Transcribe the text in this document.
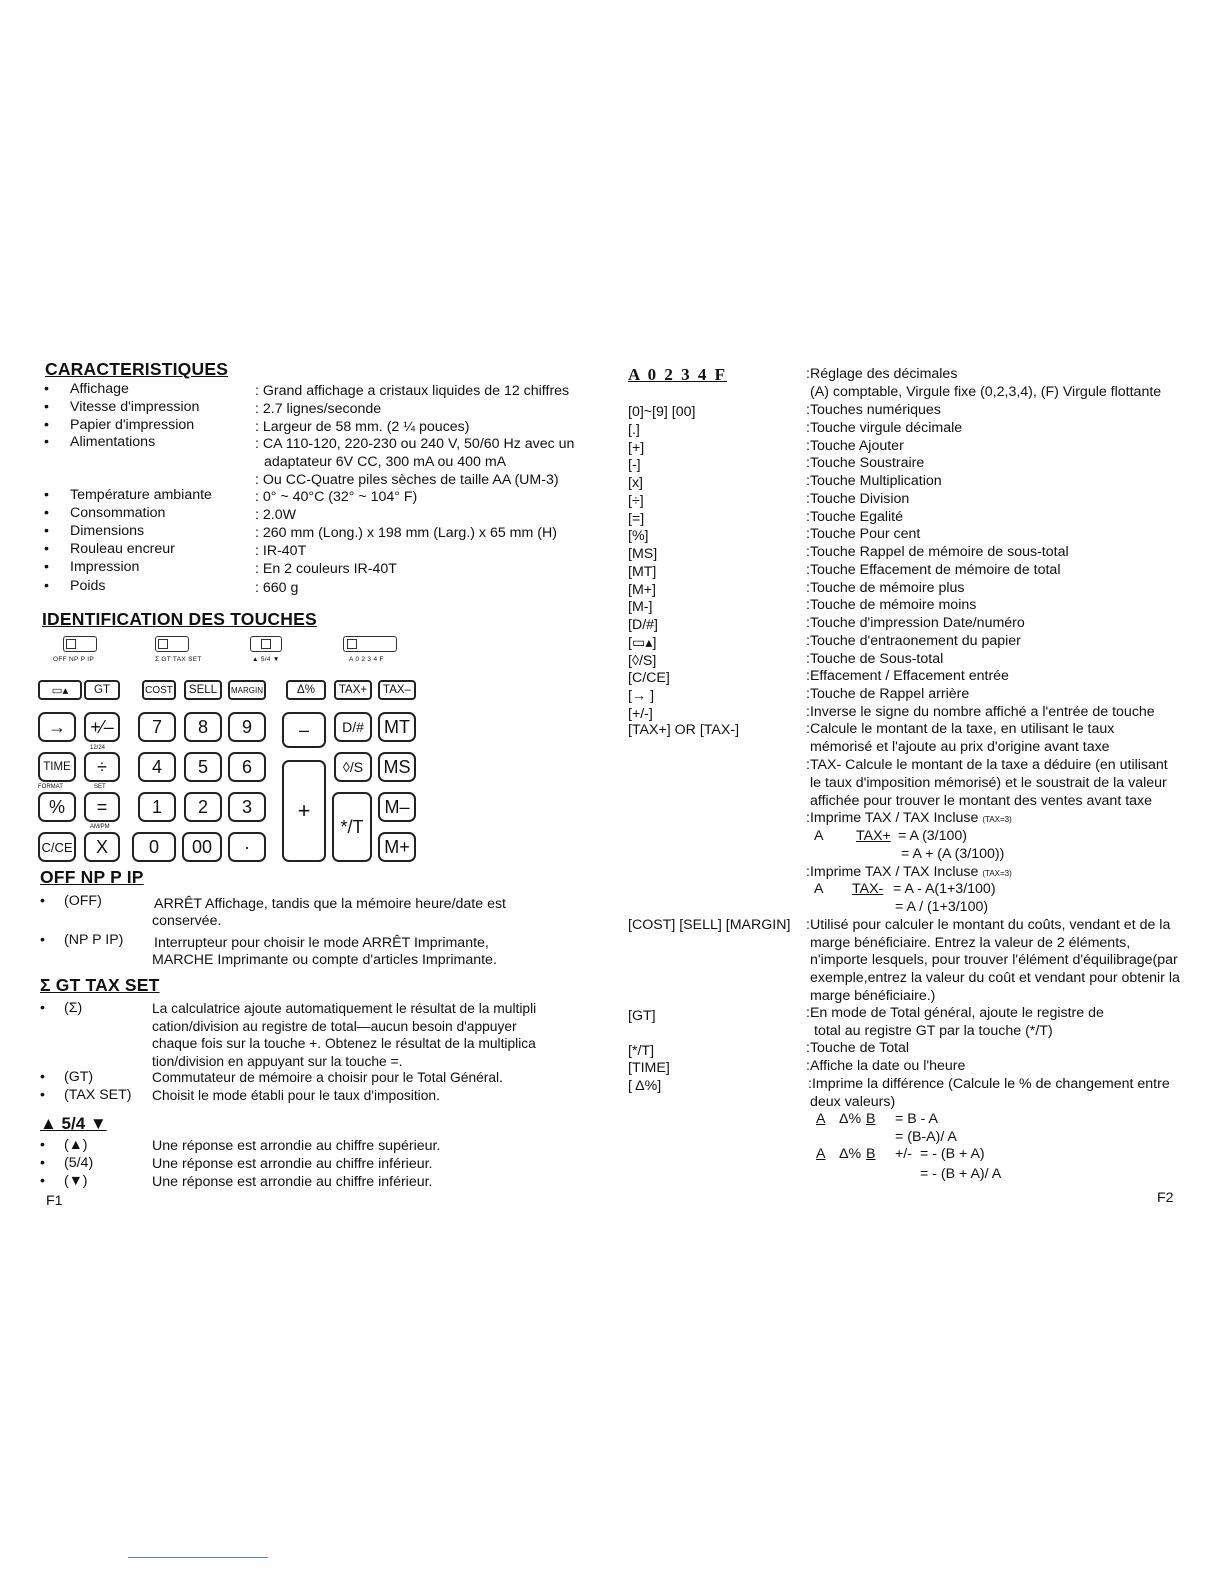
CARACTERISTIQUES
• Affichage	: Grand affichage a cristaux liquides de 12 chiffres
• Vitesse d'impression	: 2.7 lignes/seconde
• Papier d'impression	: Largeur de 58 mm. (2 ¼ pouces)
• Alimentations	: CA 110-120, 220-230 ou 240 V, 50/60 Hz avec un
adaptateur 6V CC, 300 mA ou 400 mA
: Ou CC-Quatre piles sèches de taille AA (UM-3)
• Température ambiante	: 0° ~ 40°C (32° ~ 104° F)
• Consommation	: 2.0W
• Dimensions	: 260 mm (Long.) x 198 mm (Larg.) x 65 mm (H)
• Rouleau encreur	: IR-40T
• Impression	: En 2 couleurs IR-40T
• Poids	: 660 g
IDENTIFICATION DES TOUCHES
OFF NP P IP	Σ GT TAX SET	▲ 5/4 ▼	A 0 2 3 4 F
▭▴ GT	COST SELL MARGIN	Δ% TAX+ TAX–
→ +⁄– 7 8 9	– D/# MT
12/24
TIME ÷	4 5 6	◊/S MS
FORMAT	SET
% = 1 2 3 +
*/T
M–
AM/PM
C/CE X 0 00 ·	M+
OFF NP P IP
• (OFF)	ARRÊT Affichage, tandis que la mémoire heure/date est
conservée.
• (NP P IP) Interrupteur pour choisir le mode ARRÊT Imprimante,
MARCHE Imprimante ou compte d'articles Imprimante.
Σ GT TAX SET
• (Σ)	La calculatrice ajoute automatiquement le résultat de la multipli
cation/division au registre de total—aucun besoin d'appuyer
chaque fois sur la touche +. Obtenez le résultat de la multiplica
tion/division en appuyant sur la touche =.
• (GT)	Commutateur de mémoire a choisir pour le Total Général.
• (TAX SET) Choisit le mode établi pour le taux d'imposition.
▲ 5/4 ▼
• (▲)	Une réponse est arrondie au chiffre supérieur.
• (5/4)	Une réponse est arrondie au chiffre inférieur.
• (▼)	Une réponse est arrondie au chiffre inférieur.
F1
A 0 2 3 4 F	:Réglage des décimales
(A) comptable, Virgule fixe (0,2,3,4), (F) Virgule flottante
[0]~[9] [00]	:Touches numériques
[.]	:Touche virgule décimale
[+]	:Touche Ajouter
[-]	:Touche Soustraire
[x]	:Touche Multiplication
[÷]	:Touche Division
[=]	:Touche Egalité
[%]	:Touche Pour cent
[MS]	:Touche Rappel de mémoire de sous-total
[MT]	:Touche Effacement de mémoire de total
[M+]	:Touche de mémoire plus
[M-]	:Touche de mémoire moins
[D/#]	:Touche d'impression Date/numéro
[▭▴]	:Touche d'entraonement du papier
[◊/S]	:Touche de Sous-total
[C/CE]	:Effacement / Effacement entrée
[→ ]	:Touche de Rappel arrière
[+/-]	:Inverse le signe du nombre affiché a l'entrée de touche
[TAX+] OR [TAX-]	:Calcule le montant de la taxe, en utilisant le taux
mémorisé et l'ajoute au prix d'origine avant taxe
:TAX- Calcule le montant de la taxe a déduire (en utilisant
le taux d'imposition mémorisé) et le soustrait de la valeur
affichée pour trouver le montant des ventes avant taxe
:Imprime TAX / TAX Incluse (TAX=3)
A TAX+ = A (3/100)
= A + (A (3/100))
:Imprime TAX / TAX Incluse (TAX=3)
A TAX- = A - A(1+3/100)
= A / (1+3/100)
[COST] [SELL] [MARGIN] :Utilisé pour calculer le montant du coûts, vendant et de la
marge bénéficiaire. Entrez la valeur de 2 éléments,
n'importe lesquels, pour trouver l'élément d'équilibrage(par
exemple,entrez la valeur du coût et vendant pour obtenir la
marge bénéficiaire.)
[GT]	:En mode de Total général, ajoute le registre de
total au registre GT par la touche (*/T)
[*/T]	:Touche de Total
[TIME]	:Affiche la date ou l'heure
[ Δ%]	:Imprime la différence (Calcule le % de changement entre
deux valeurs)
A Δ% B = B - A
= (B-A)/ A
A Δ% B +/- = - (B + A)
= - (B + A)/ A
F2
